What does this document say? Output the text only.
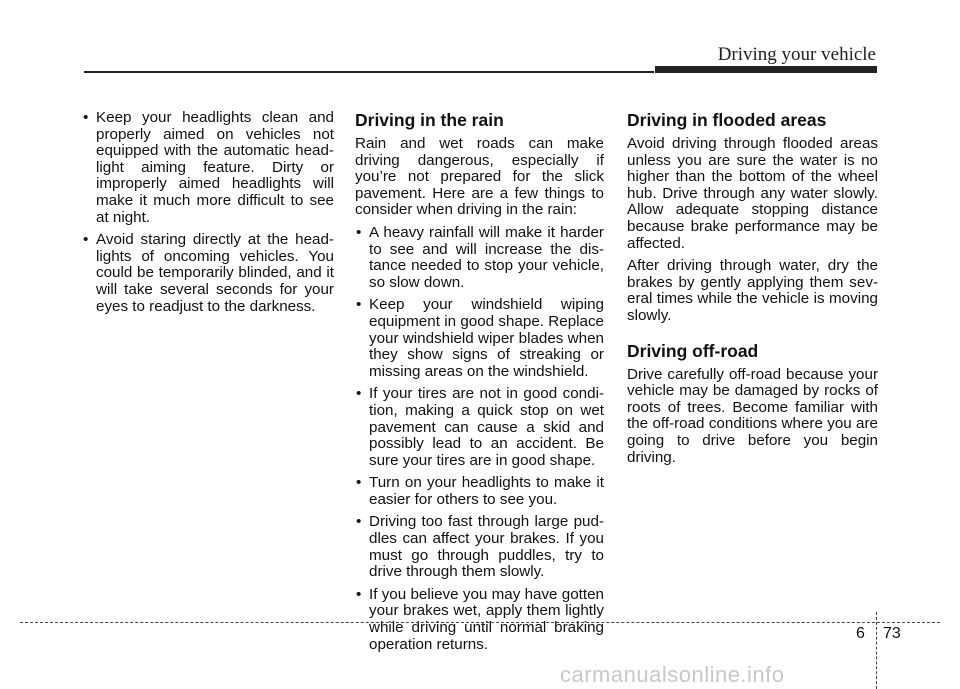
Driving your vehicle
• Keep your headlights clean and properly aimed on vehicles not equipped with the automatic head-light aiming feature. Dirty or improperly aimed headlights will make it much more difficult to see at night.
• Avoid staring directly at the head-lights of oncoming vehicles. You could be temporarily blinded, and it will take several seconds for your eyes to readjust to the darkness.
Driving in the rain
Rain and wet roads can make driving dangerous, especially if you’re not prepared for the slick pavement. Here are a few things to consider when driving in the rain:
• A heavy rainfall will make it harder to see and will increase the dis-tance needed to stop your vehicle, so slow down.
• Keep your windshield wiping equipment in good shape. Replace your windshield wiper blades when they show signs of streaking or missing areas on the windshield.
• If your tires are not in good condi-tion, making a quick stop on wet pavement can cause a skid and possibly lead to an accident. Be sure your tires are in good shape.
• Turn on your headlights to make it easier for others to see you.
• Driving too fast through large pud-dles can affect your brakes. If you must go through puddles, try to drive through them slowly.
• If you believe you may have gotten your brakes wet, apply them lightly while driving until normal braking operation returns.
Driving in flooded areas
Avoid driving through flooded areas unless you are sure the water is no higher than the bottom of the wheel hub. Drive through any water slowly. Allow adequate stopping distance because brake performance may be affected.
After driving through water, dry the brakes by gently applying them sev-eral times while the vehicle is moving slowly.
Driving off-road
Drive carefully off-road because your vehicle may be damaged by rocks of roots of trees. Become familiar with the off-road conditions where you are going to drive before you begin driving.
6 73
carmanualsonline.info
